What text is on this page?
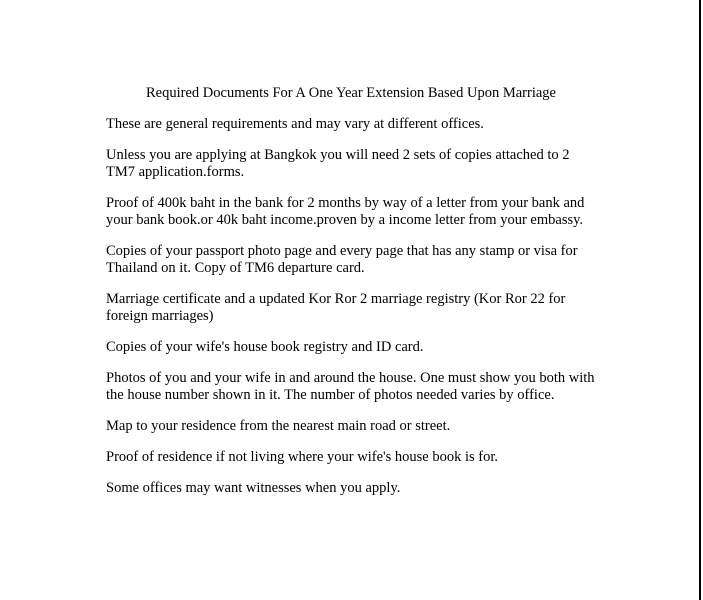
Required Documents For A One Year Extension Based Upon Marriage

These are general requirements and may vary at different offices.

Unless you are applying at Bangkok you will need 2 sets of copies attached to 2 TM7 application.forms.

Proof of 400k baht in the bank for 2 months by way of a letter from your bank and your bank book.or 40k baht income.proven by a income letter from your embassy.

Copies of your passport photo page and every page that has any stamp or visa for Thailand on it. Copy of TM6 departure card.

Marriage certificate and a updated Kor Ror 2 marriage registry (Kor Ror 22 for foreign marriages)

Copies of your wife's house book registry and ID card.

Photos of you and your wife in and around the house. One must show you both with the house number shown in it. The number of photos needed varies by office.

Map to your residence from the nearest main road or street.

Proof of residence if not living where your wife's house book is for.

Some offices may want witnesses when you apply.
